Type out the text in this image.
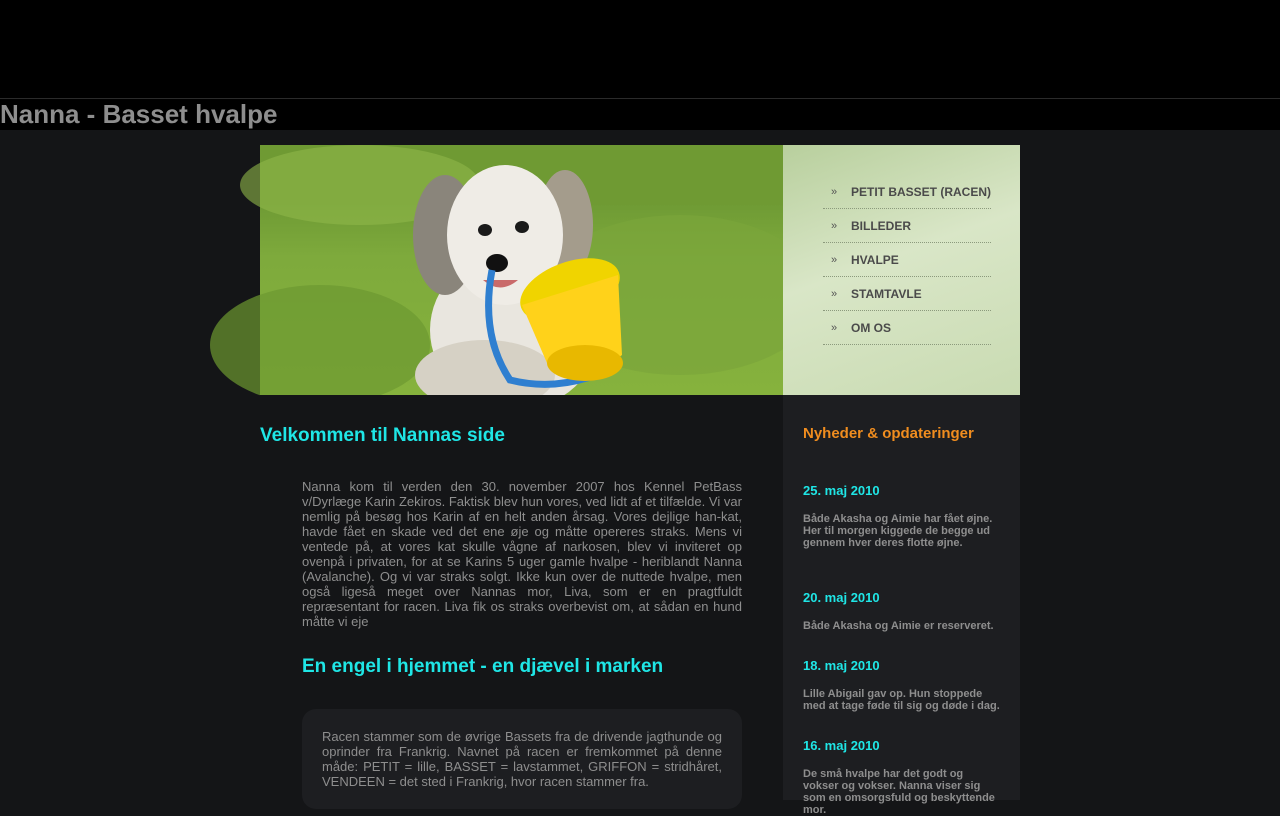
Nanna - Basset hvalpe
»	PETIT BASSET (RACEN)
»	BILLEDER
»	HVALPE
»	STAMTAVLE
»	OM OS
Velkommen til Nannas side

Nanna kom til verden den 30. november 2007 hos Kennel PetBass v/Dyrlæge Karin Zekiros. Faktisk blev hun vores, ved lidt af et tilfælde. Vi var nemlig på besøg hos Karin af en helt anden årsag. Vores dejlige han-kat, havde fået en skade ved det ene øje og måtte opereres straks. Mens vi ventede på, at vores kat skulle vågne af narkosen, blev vi inviteret op ovenpå i privaten, for at se Karins 5 uger gamle hvalpe - heriblandt Nanna (Avalanche). Og vi var straks solgt. Ikke kun over de nuttede hvalpe, men også ligeså meget over Nannas mor, Liva, som er en pragtfuldt repræsentant for racen. Liva fik os straks overbevist om, at sådan en hund måtte vi eje

En engel i hjemmet - en djævel i marken

Racen stammer som de øvrige Bassets fra de drivende jagthunde og oprinder fra Frankrig. Navnet på racen er fremkommet på denne måde: PETIT = lille, BASSET = lavstammet, GRIFFON = stridhåret, VENDEEN = det sted i Frankrig, hvor racen stammer fra.

Nyheder & opdateringer

25. maj 2010

Både Akasha og Aimie har fået øjne. Her til morgen kiggede de begge ud gennem hver deres flotte øjne.

20. maj 2010

Både Akasha og Aimie er reserveret.

18. maj 2010

Lille Abigail gav op. Hun stoppede med at tage føde til sig og døde i dag.

16. maj 2010

De små hvalpe har det godt og vokser og vokser. Nanna viser sig som en omsorgsfuld og beskyttende mor.
